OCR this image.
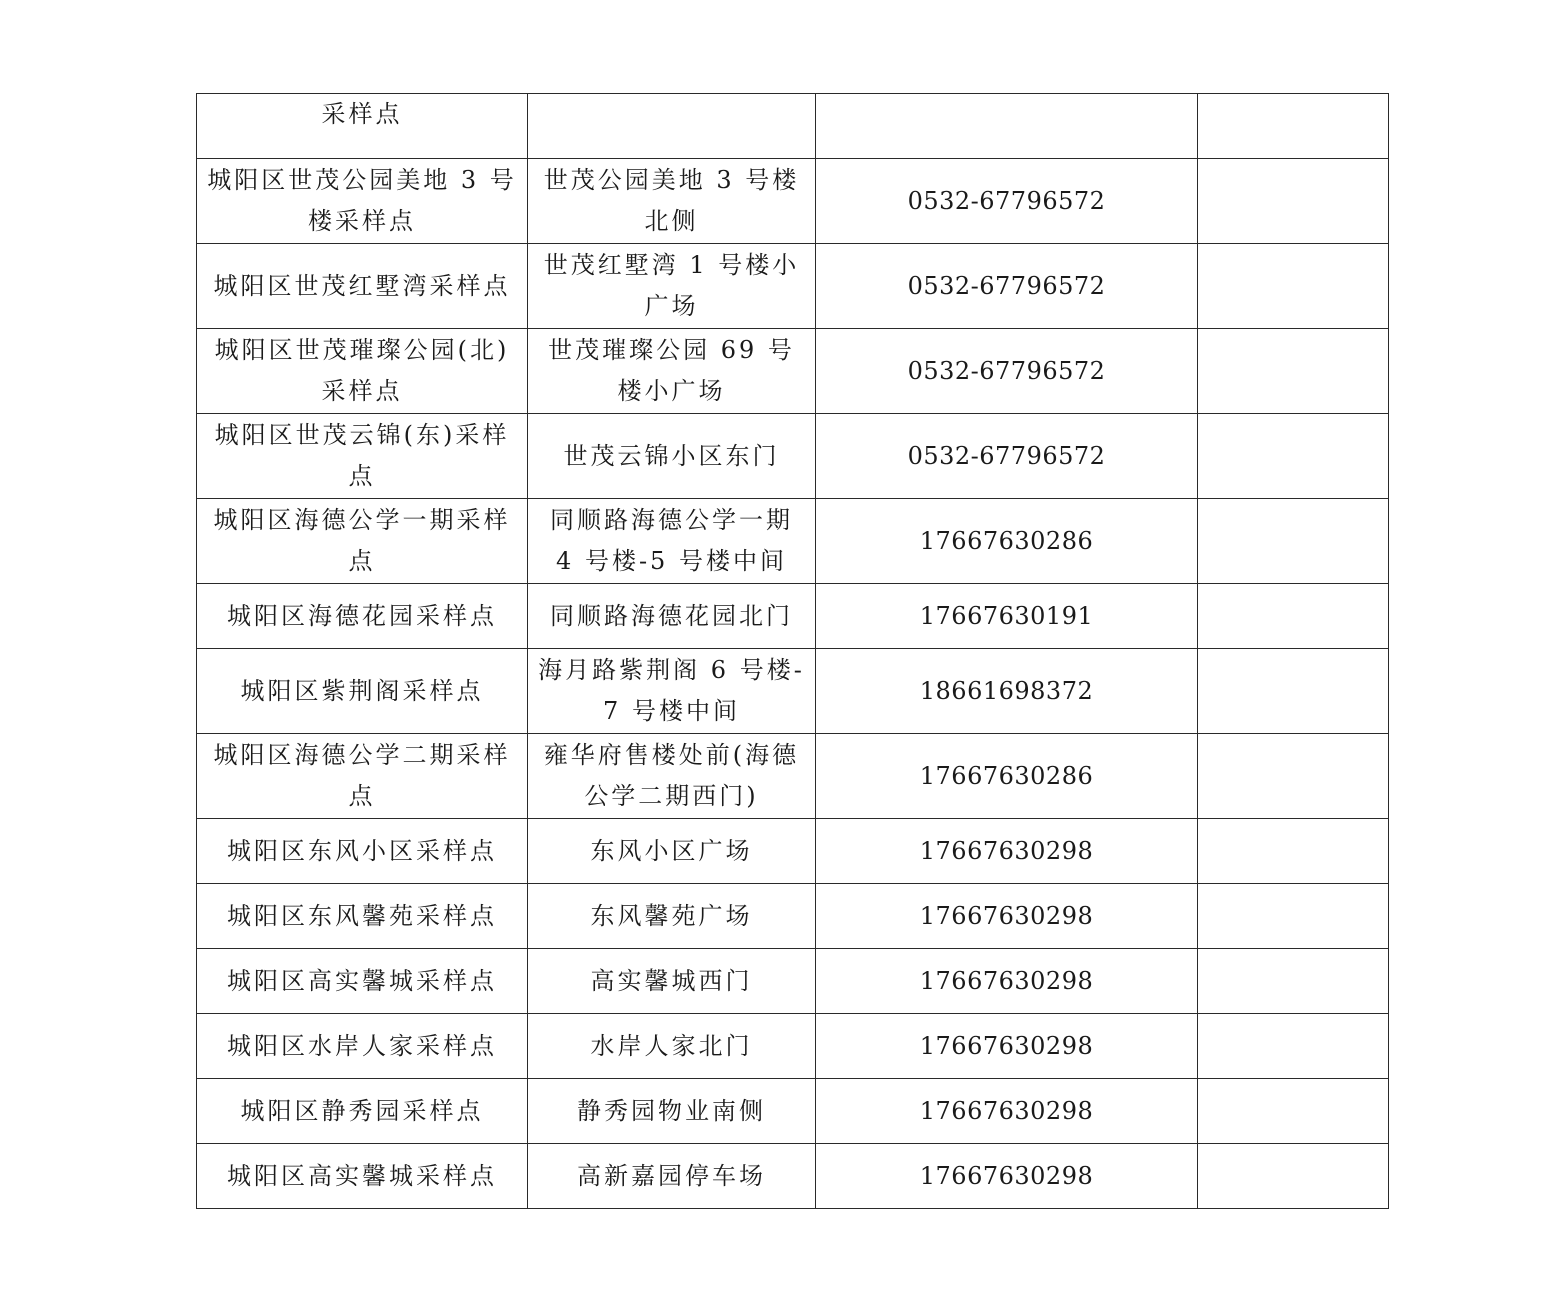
采样点			
城阳区世茂公园美地 3 号楼采样点	世茂公园美地 3 号楼北侧	0532-67796572	
城阳区世茂红墅湾采样点	世茂红墅湾 1 号楼小广场	0532-67796572	
城阳区世茂璀璨公园(北)采样点	世茂璀璨公园 69 号楼小广场	0532-67796572	
城阳区世茂云锦(东)采样点	世茂云锦小区东门	0532-67796572	
城阳区海德公学一期采样点	同顺路海德公学一期 4 号楼-5 号楼中间	17667630286	
城阳区海德花园采样点	同顺路海德花园北门	17667630191	
城阳区紫荆阁采样点	海月路紫荆阁 6 号楼-7 号楼中间	18661698372	
城阳区海德公学二期采样点	雍华府售楼处前(海德公学二期西门)	17667630286	
城阳区东风小区采样点	东风小区广场	17667630298	
城阳区东风馨苑采样点	东风馨苑广场	17667630298	
城阳区高实馨城采样点	高实馨城西门	17667630298	
城阳区水岸人家采样点	水岸人家北门	17667630298	
城阳区静秀园采样点	静秀园物业南侧	17667630298	
城阳区高实馨城采样点	高新嘉园停车场	17667630298	
